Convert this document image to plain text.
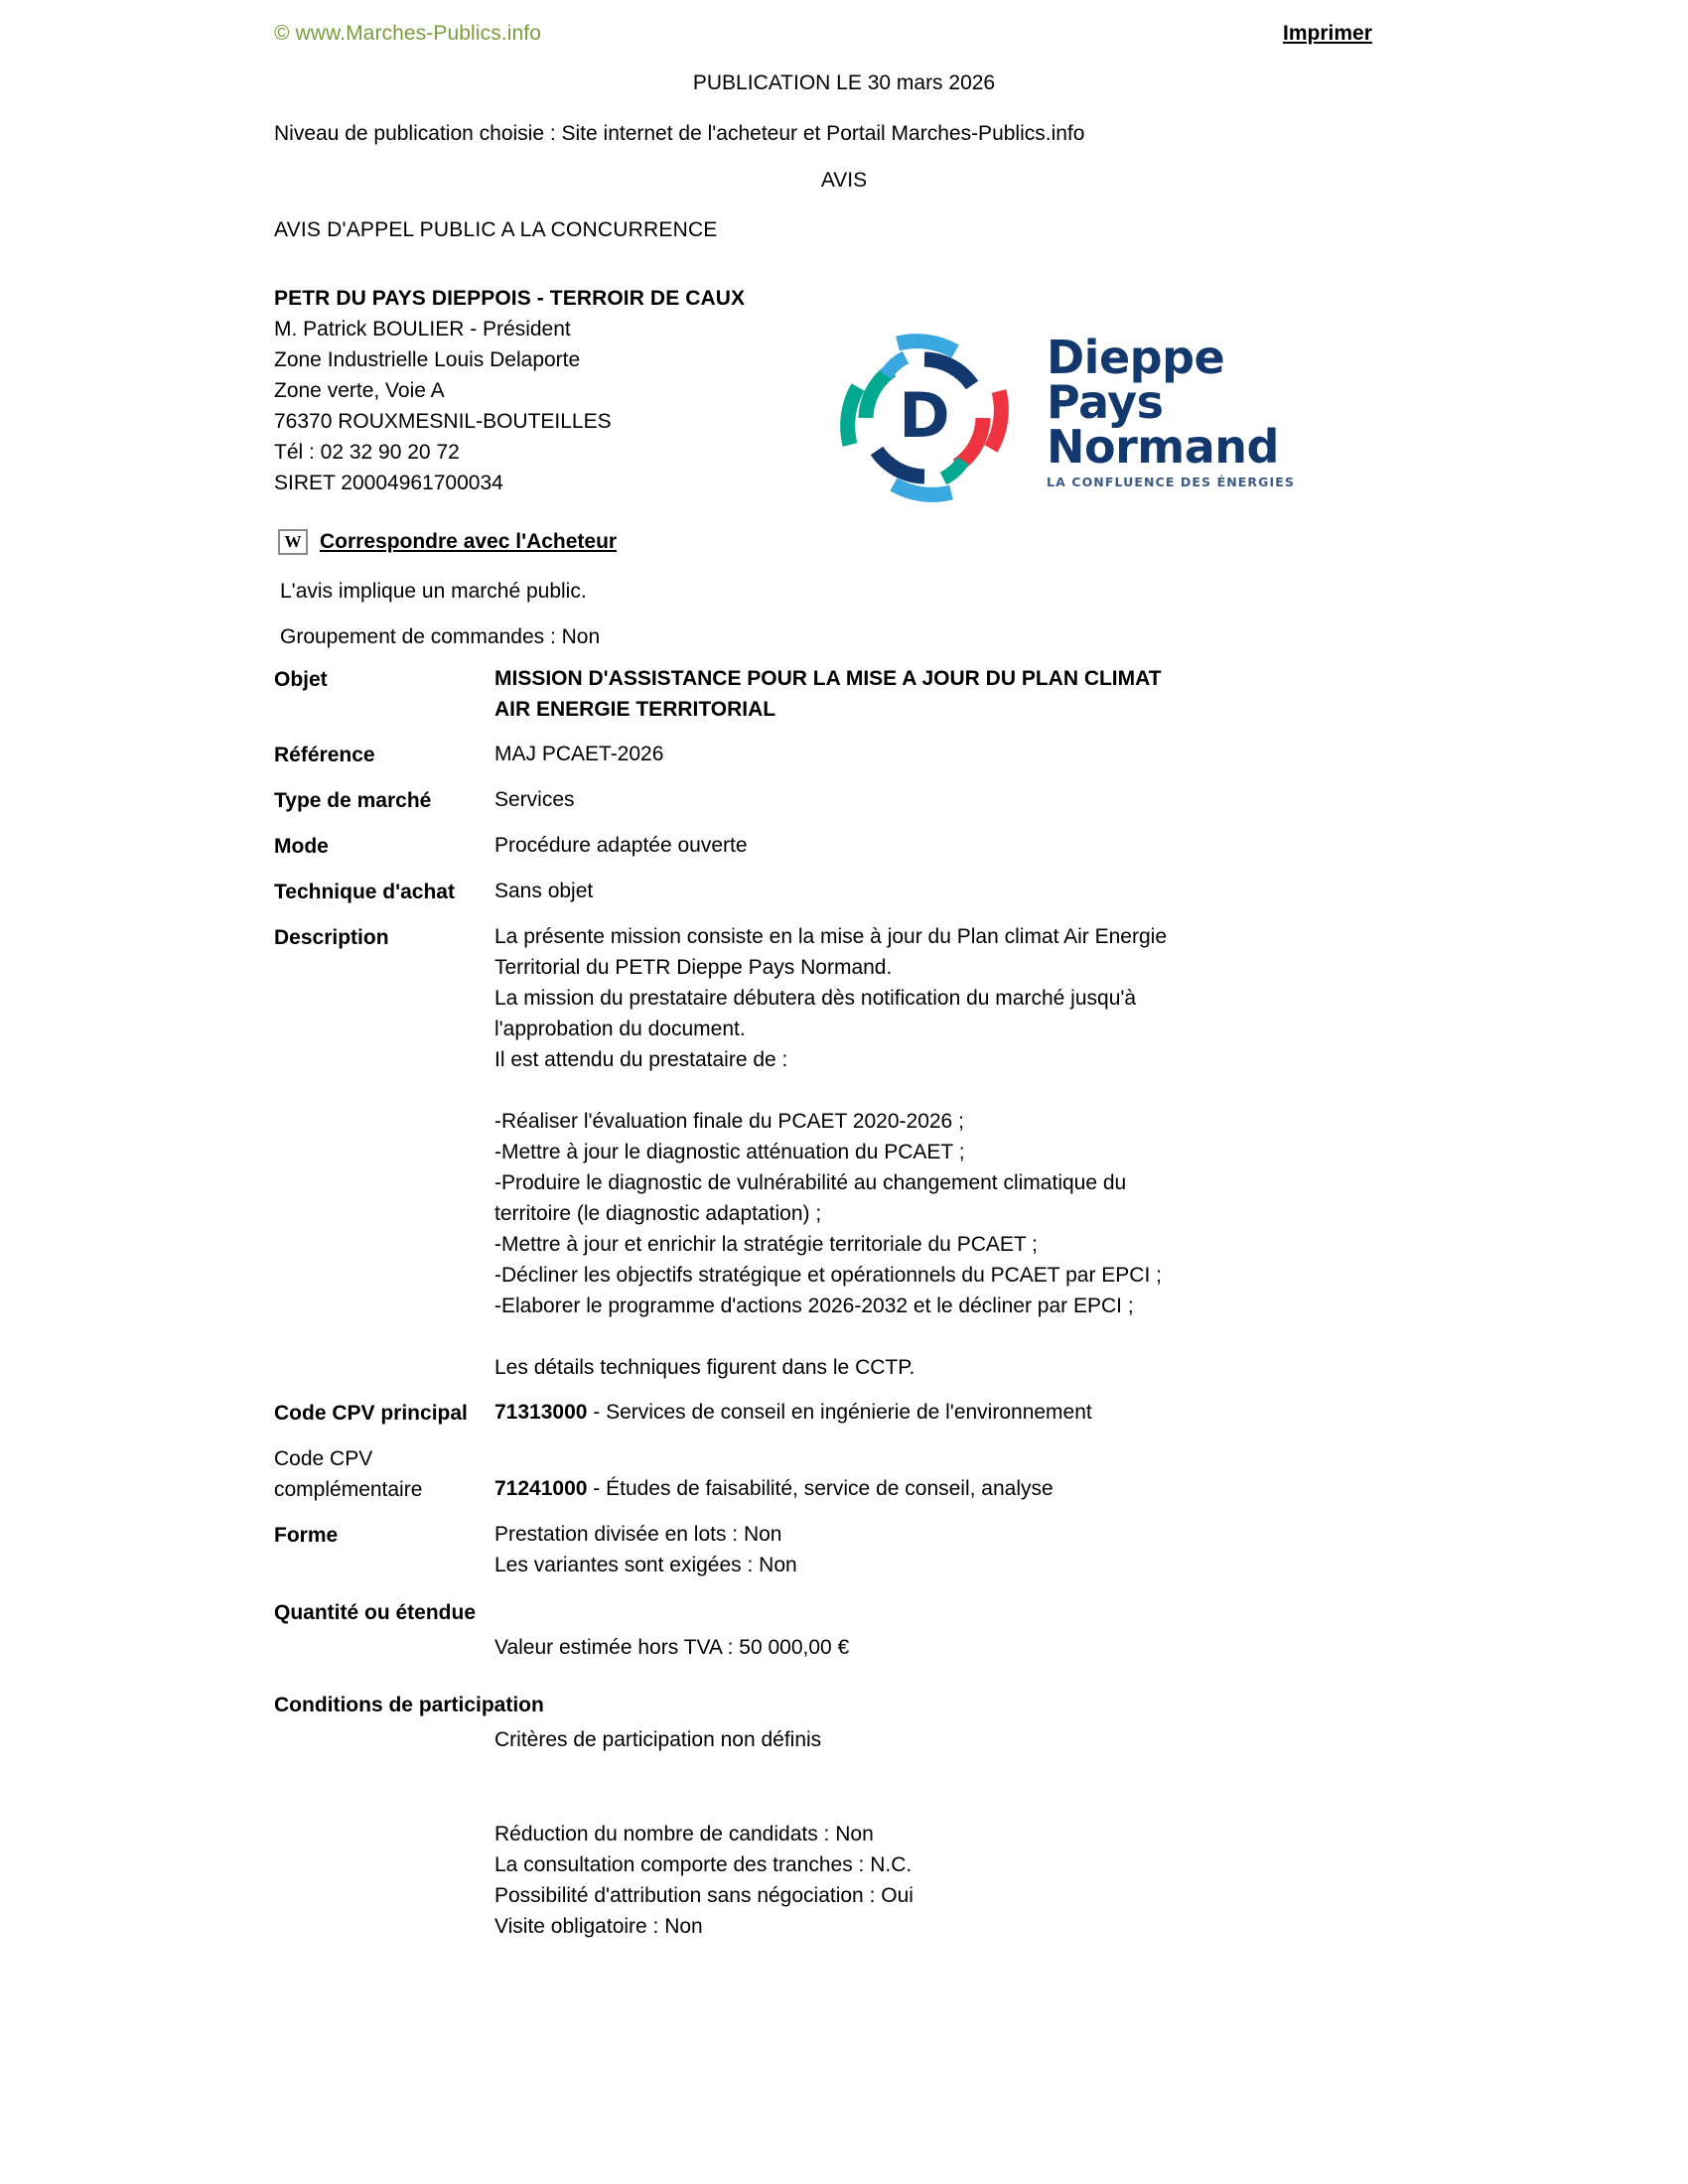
© www.Marches-Publics.info	Imprimer
PUBLICATION LE 30 mars 2026
Niveau de publication choisie : Site internet de l'acheteur et Portail Marches-Publics.info
AVIS
AVIS D'APPEL PUBLIC A LA CONCURRENCE
PETR DU PAYS DIEPPOIS - TERROIR DE CAUX
M. Patrick BOULIER - Président
Zone Industrielle Louis Delaporte
Zone verte, Voie A
76370 ROUXMESNIL-BOUTEILLES
Tél : 02 32 90 20 72
SIRET 20004961700034
D
Dieppe
Pays
Normand
LA CONFLUENCE DES ÉNERGIES
W Correspondre avec l'Acheteur
L'avis implique un marché public.
Groupement de commandes : Non
Objet	MISSION D'ASSISTANCE POUR LA MISE A JOUR DU PLAN CLIMAT
AIR ENERGIE TERRITORIAL
Référence	MAJ PCAET-2026
Type de marché	Services
Mode	Procédure adaptée ouverte
Technique d'achat	Sans objet
Description	La présente mission consiste en la mise à jour du Plan climat Air Energie
Territorial du PETR Dieppe Pays Normand.
La mission du prestataire débutera dès notification du marché jusqu'à
l'approbation du document.
Il est attendu du prestataire de :
-Réaliser l'évaluation finale du PCAET 2020-2026 ;
-Mettre à jour le diagnostic atténuation du PCAET ;
-Produire le diagnostic de vulnérabilité au changement climatique du
territoire (le diagnostic adaptation) ;
-Mettre à jour et enrichir la stratégie territoriale du PCAET ;
-Décliner les objectifs stratégique et opérationnels du PCAET par EPCI ;
-Elaborer le programme d'actions 2026-2032 et le décliner par EPCI ;
Les détails techniques figurent dans le CCTP.
Code CPV principal	71313000 - Services de conseil en ingénierie de l'environnement
Code CPV complémentaire	71241000 - Études de faisabilité, service de conseil, analyse
Forme	Prestation divisée en lots : Non
Les variantes sont exigées : Non
Quantité ou étendue
Valeur estimée hors TVA : 50 000,00 €
Conditions de participation
Critères de participation non définis
Réduction du nombre de candidats : Non
La consultation comporte des tranches : N.C.
Possibilité d'attribution sans négociation : Oui
Visite obligatoire : Non
